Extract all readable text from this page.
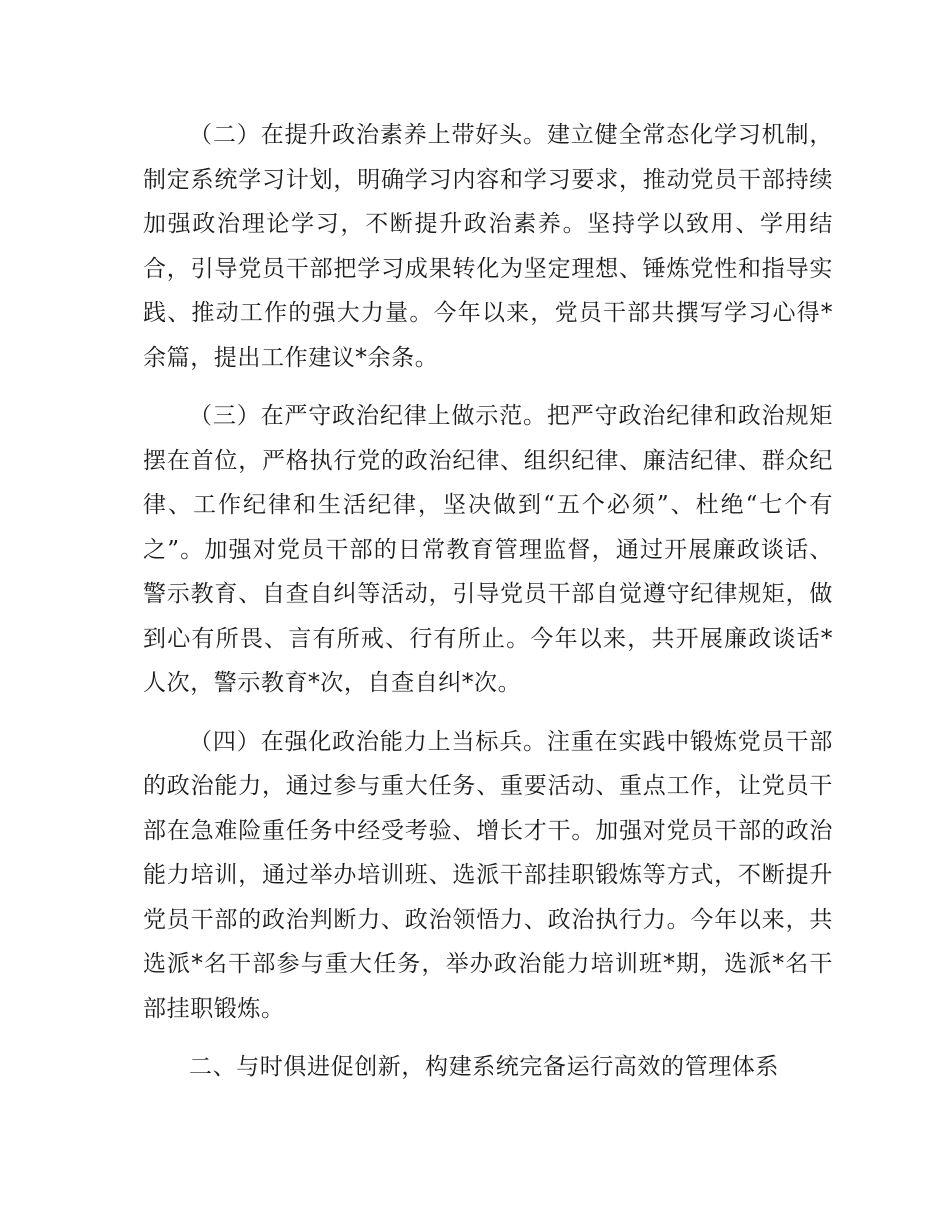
（二）在提升政治素养上带好头。建立健全常态化学习机制，制定系统学习计划，明确学习内容和学习要求，推动党员干部持续加强政治理论学习，不断提升政治素养。坚持学以致用、学用结合，引导党员干部把学习成果转化为坚定理想、锤炼党性和指导实践、推动工作的强大力量。今年以来，党员干部共撰写学习心得*余篇，提出工作建议*余条。

（三）在严守政治纪律上做示范。把严守政治纪律和政治规矩摆在首位，严格执行党的政治纪律、组织纪律、廉洁纪律、群众纪律、工作纪律和生活纪律，坚决做到“五个必须”、杜绝“七个有之”。加强对党员干部的日常教育管理监督，通过开展廉政谈话、警示教育、自查自纠等活动，引导党员干部自觉遵守纪律规矩，做到心有所畏、言有所戒、行有所止。今年以来，共开展廉政谈话*人次，警示教育*次，自查自纠*次。

（四）在强化政治能力上当标兵。注重在实践中锻炼党员干部的政治能力，通过参与重大任务、重要活动、重点工作，让党员干部在急难险重任务中经受考验、增长才干。加强对党员干部的政治能力培训，通过举办培训班、选派干部挂职锻炼等方式，不断提升党员干部的政治判断力、政治领悟力、政治执行力。今年以来，共选派*名干部参与重大任务，举办政治能力培训班*期，选派*名干部挂职锻炼。

二、与时俱进促创新，构建系统完备运行高效的管理体系
